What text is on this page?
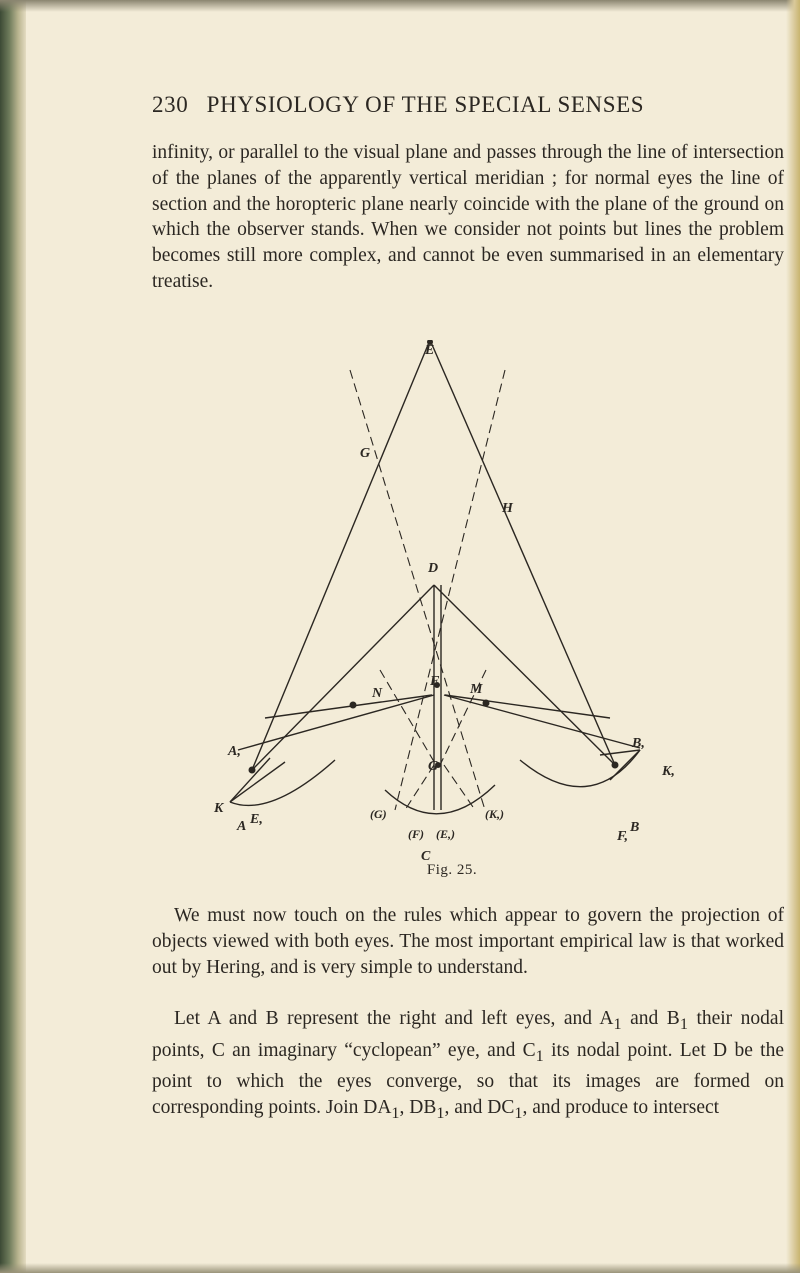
230 PHYSIOLOGY OF THE SPECIAL SENSES

infinity, or parallel to the visual plane and passes through the line of intersection of the planes of the apparently vertical meridian ; for normal eyes the line of section and the horopteric plane nearly coincide with the plane of the ground on which the observer stands. When we consider not points but lines the problem becomes still more complex, and cannot be even summarised in an elementary treatise.

E
G
H
D
N	M
F
G
A,
B,
K
K,
A E,
B
F,
C
(G)	(K,)
(F) (E,)
Fig. 25.

We must now touch on the rules which appear to govern the projection of objects viewed with both eyes. The most important empirical law is that worked out by Hering, and is very simple to understand.

Let A and B represent the right and left eyes, and $A_1$ and $B_1$ their nodal points, C an imaginary “cyclopean” eye, and $C_1$ its nodal point. Let D be the point to which the eyes converge, so that its images are formed on corresponding points. Join $DA_1$, $DB_1$, and $DC_1$, and produce to intersect
